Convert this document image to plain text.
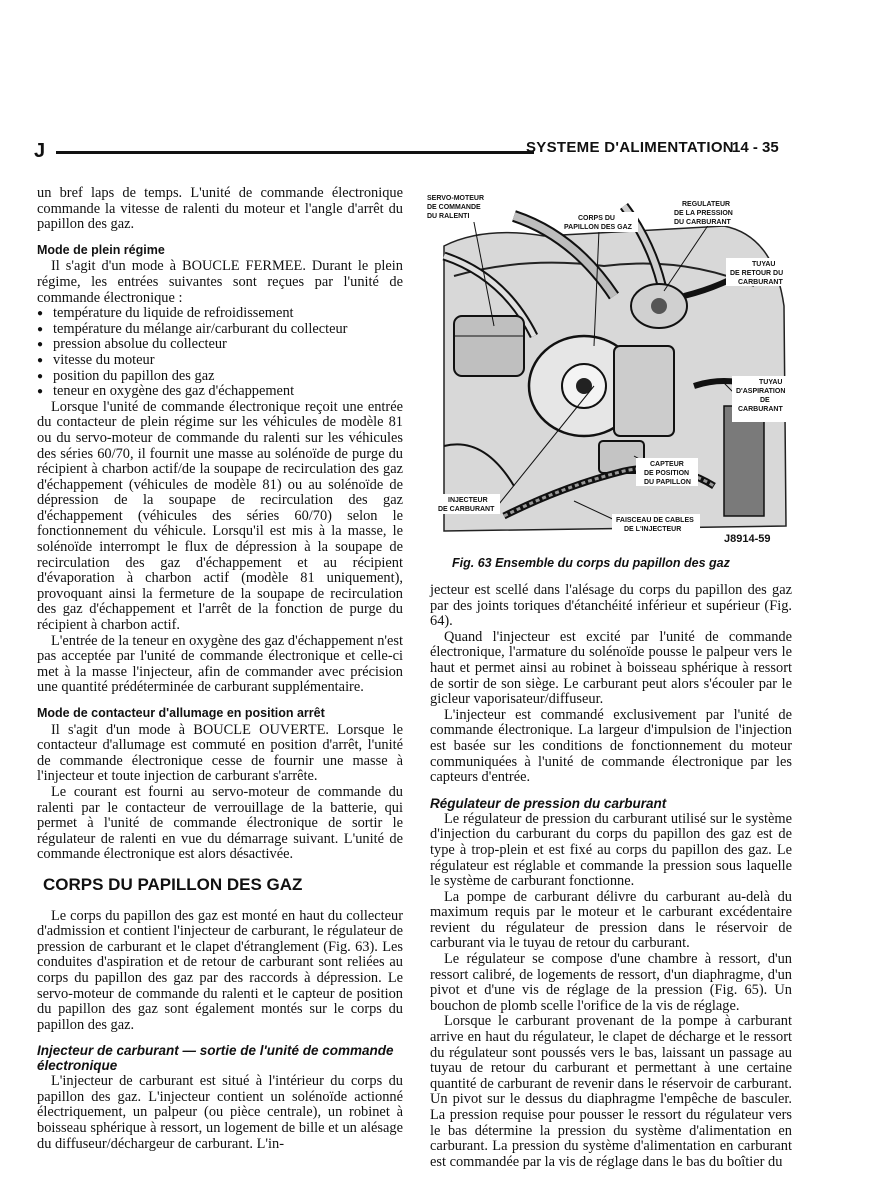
J	SYSTEME D'ALIMENTATION
14 - 35

un bref laps de temps. L'unité de commande électronique commande la vitesse de ralenti du moteur et l'angle d'arrêt du papillon des gaz.

Mode de plein régime

Il s'agit d'un mode à BOUCLE FERMEE. Durant le plein régime, les entrées suivantes sont reçues par l'unité de commande électronique :

● température du liquide de refroidissement
● température du mélange air/carburant du collecteur
● pression absolue du collecteur
● vitesse du moteur
● position du papillon des gaz
● teneur en oxygène des gaz d'échappement

Lorsque l'unité de commande électronique reçoit une entrée du contacteur de plein régime sur les véhicules de modèle 81 ou du servo-moteur de commande du ralenti sur les véhicules des séries 60/70, il fournit une masse au solénoïde de purge du récipient à charbon actif/de la soupape de recirculation des gaz d'échappement (véhicules de modèle 81) ou au solénoïde de dépression de la soupape de recirculation des gaz d'échappement (véhicules des séries 60/70) selon le fonctionnement du véhicule. Lorsqu'il est mis à la masse, le solénoïde interrompt le flux de dépression à la soupape de recirculation des gaz d'échappement et au récipient d'évaporation à charbon actif (modèle 81 uniquement), provoquant ainsi la fermeture de la soupape de recirculation des gaz d'échappement et l'arrêt de la fonction de purge du récipient à charbon actif.

L'entrée de la teneur en oxygène des gaz d'échappement n'est pas acceptée par l'unité de commande électronique et celle-ci met à la masse l'injecteur, afin de commander avec précision une quantité prédéterminée de carburant supplémentaire.

Mode de contacteur d'allumage en position arrêt

Il s'agit d'un mode à BOUCLE OUVERTE. Lorsque le contacteur d'allumage est commuté en position d'arrêt, l'unité de commande électronique cesse de fournir une masse à l'injecteur et toute injection de carburant s'arrête.

Le courant est fourni au servo-moteur de commande du ralenti par le contacteur de verrouillage de la batterie, qui permet à l'unité de commande électronique de sortir le régulateur de ralenti en vue du démarrage suivant. L'unité de commande électronique est alors désactivée.

CORPS DU PAPILLON DES GAZ

Le corps du papillon des gaz est monté en haut du collecteur d'admission et contient l'injecteur de carburant, le régulateur de pression de carburant et le clapet d'étranglement (Fig. 63). Les conduites d'aspiration et de retour de carburant sont reliées au corps du papillon des gaz par des raccords à dépression. Le servo-moteur de commande du ralenti et le capteur de position du papillon des gaz sont également montés sur le corps du papillon des gaz.

Injecteur de carburant — sortie de l'unité de commande électronique

L'injecteur de carburant est situé à l'intérieur du corps du papillon des gaz. L'injecteur contient un solénoïde actionné électriquement, un palpeur (ou pièce centrale), un robinet à boisseau sphérique à ressort, un logement de bille et un alésage du diffuseur/déchargeur de carburant. L'in-

SERVO-MOTEUR DE COMMANDE DU RALENTI	CORPS DU PAPILLON DES GAZ
REGULATEUR DE LA PRESSION DU CARBURANT
TUYAU DE RETOUR DU CARBURANT
TUYAU D'ASPIRATION DE CARBURANT
CAPTEUR DE POSITION DU PAPILLON
INJECTEUR DE CARBURANT
FAISCEAU DE CABLES DE L'INJECTEUR
J8914-59
Fig. 63 Ensemble du corps du papillon des gaz

jecteur est scellé dans l'alésage du corps du papillon des gaz par des joints toriques d'étanchéité inférieur et supérieur (Fig. 64).

Quand l'injecteur est excité par l'unité de commande électronique, l'armature du solénoïde pousse le palpeur vers le haut et permet ainsi au robinet à boisseau sphérique à ressort de sortir de son siège. Le carburant peut alors s'écouler par le gicleur vaporisateur/diffuseur.

L'injecteur est commandé exclusivement par l'unité de commande électronique. La largeur d'impulsion de l'injection est basée sur les conditions de fonctionnement du moteur communiquées à l'unité de commande électronique par les capteurs d'entrée.

Régulateur de pression du carburant

Le régulateur de pression du carburant utilisé sur le système d'injection du carburant du corps du papillon des gaz est de type à trop-plein et est fixé au corps du papillon des gaz. Le régulateur est réglable et commande la pression sous laquelle le système de carburant fonctionne.

La pompe de carburant délivre du carburant au-delà du maximum requis par le moteur et le carburant excédentaire revient du régulateur de pression dans le réservoir de carburant via le tuyau de retour du carburant.

Le régulateur se compose d'une chambre à ressort, d'un ressort calibré, de logements de ressort, d'un diaphragme, d'un pivot et d'une vis de réglage de la pression (Fig. 65). Un bouchon de plomb scelle l'orifice de la vis de réglage.

Lorsque le carburant provenant de la pompe à carburant arrive en haut du régulateur, le clapet de décharge et le ressort du régulateur sont poussés vers le bas, laissant un passage au tuyau de retour du carburant et permettant à une certaine quantité de carburant de revenir dans le réservoir de carburant. Un pivot sur le dessus du diaphragme l'empêche de basculer. La pression requise pour pousser le ressort du régulateur vers le bas détermine la pression du système d'alimentation en carburant. La pression du système d'alimentation en carburant est commandée par la vis de réglage dans le bas du boîtier du
